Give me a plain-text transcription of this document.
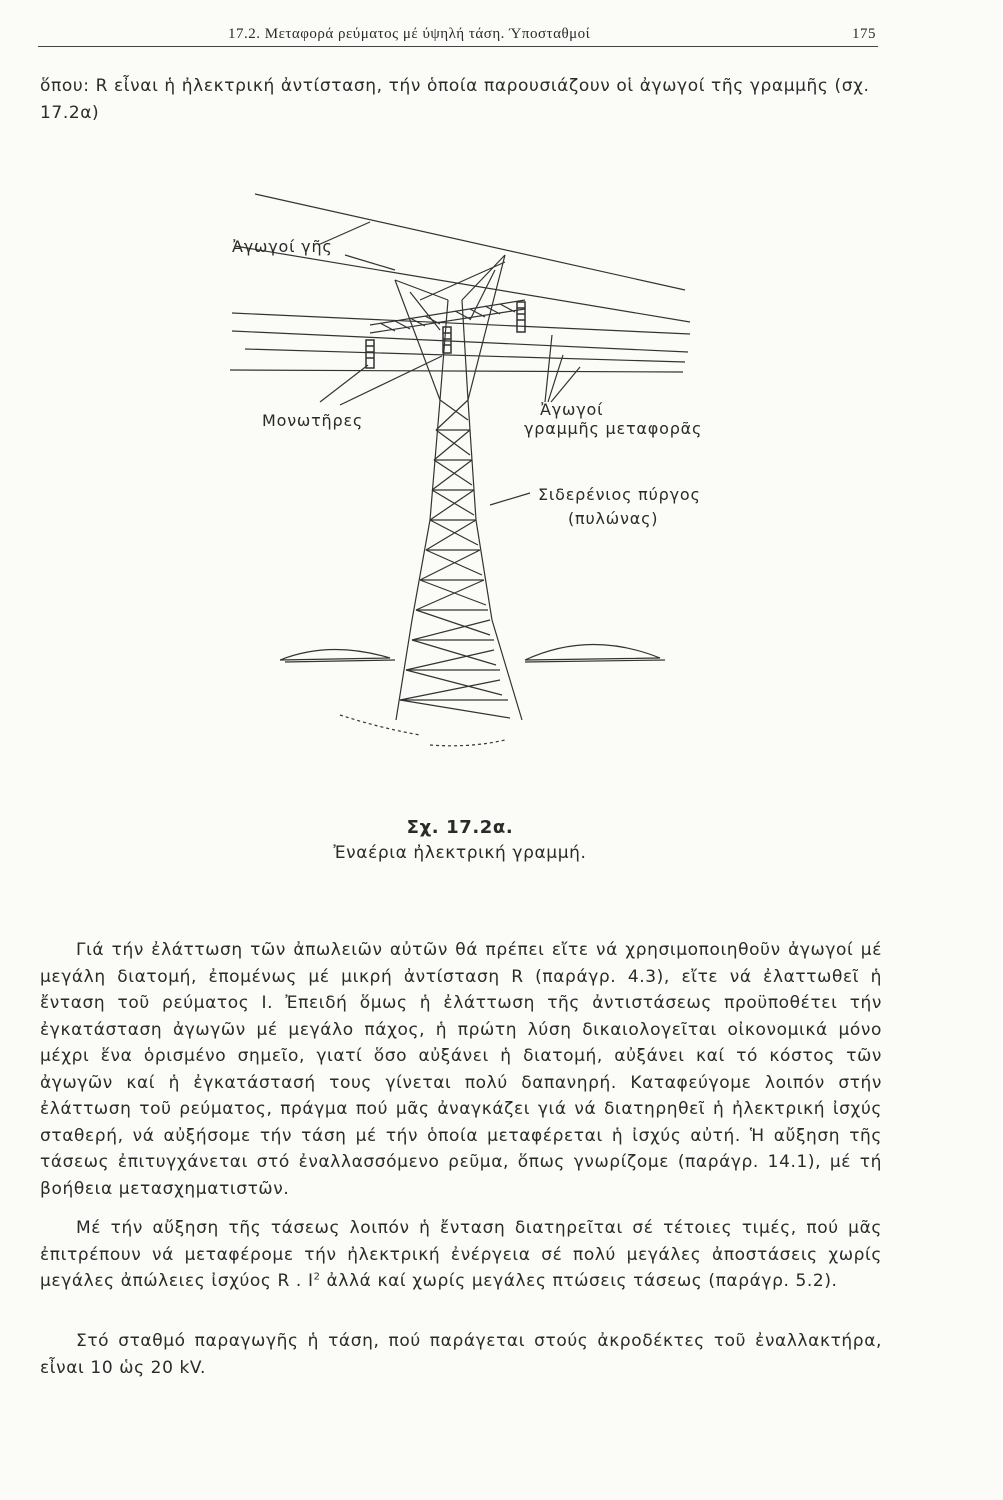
17.2. Μεταφορά ρεύματος μέ ύψηλή τάση. Ύποσταθμοί	175

ὅπου: R εἶναι ἡ ἠλεκτρική ἀντίσταση, τήν ὁποία παρουσιάζουν οἱ ἀγωγοί τῆς γραμμῆς (σχ. 17.2α)

Ἀγωγοί γῆς
Μονωτῆρες
Ἀγωγοί
γραμμῆς μεταφορᾶς
Σιδερένιος πύργος
(πυλώνας)
Σχ. 17.2α.
Ἐναέρια ἠλεκτρική γραμμή.

Γιά τήν ἐλάττωση τῶν ἀπωλειῶν αὐτῶν θά πρέπει εἴτε νά χρησιμοποιηθοῦν ἀγωγοί μέ μεγάλη διατομή, ἐπομένως μέ μικρή ἀντίσταση R (παράγρ. 4.3), εἴτε νά ἐλαττωθεῖ ἡ ἔνταση τοῦ ρεύματος I. Ἐπειδή ὅμως ἡ ἐλάττωση τῆς ἀντιστάσεως προϋποθέτει τήν ἐγκατάσταση ἀγωγῶν μέ μεγάλο πάχος, ἡ πρώτη λύση δικαιολογεῖται οἰκονομικά μόνο μέχρι ἕνα ὁρισμένο σημεῖο, γιατί ὅσο αὐξάνει ἡ διατομή, αὐξάνει καί τό κόστος τῶν ἀγωγῶν καί ἡ ἐγκατάστασή τους γίνεται πολύ δαπανηρή. Καταφεύγομε λοιπόν στήν ἐλάττωση τοῦ ρεύματος, πράγμα πού μᾶς ἀναγκάζει γιά νά διατηρηθεῖ ἡ ἠλεκτρική ἰσχύς σταθερή, νά αὐξήσομε τήν τάση μέ τήν ὁποία μεταφέρεται ἡ ἰσχύς αὐτή. Ἡ αὔξηση τῆς τάσεως ἐπιτυγχάνεται στό ἐναλλασσόμενο ρεῦμα, ὅπως γνωρίζομε (παράγρ. 14.1), μέ τή βοήθεια μετασχηματιστῶν.

Μέ τήν αὔξηση τῆς τάσεως λοιπόν ἡ ἔνταση διατηρεῖται σέ τέτοιες τιμές, πού μᾶς ἐπιτρέπουν νά μεταφέρομε τήν ἠλεκτρική ἐνέργεια σέ πολύ μεγάλες ἀποστάσεις χωρίς μεγάλες ἀπώλειες ἰσχύος R . $I^2$ ἀλλά καί χωρίς μεγάλες πτώσεις τάσεως (παράγρ. 5.2).

Στό σταθμό παραγωγῆς ἡ τάση, πού παράγεται στούς ἀκροδέκτες τοῦ ἐναλλακτήρα, εἶναι 10 ὡς 20 kV.
